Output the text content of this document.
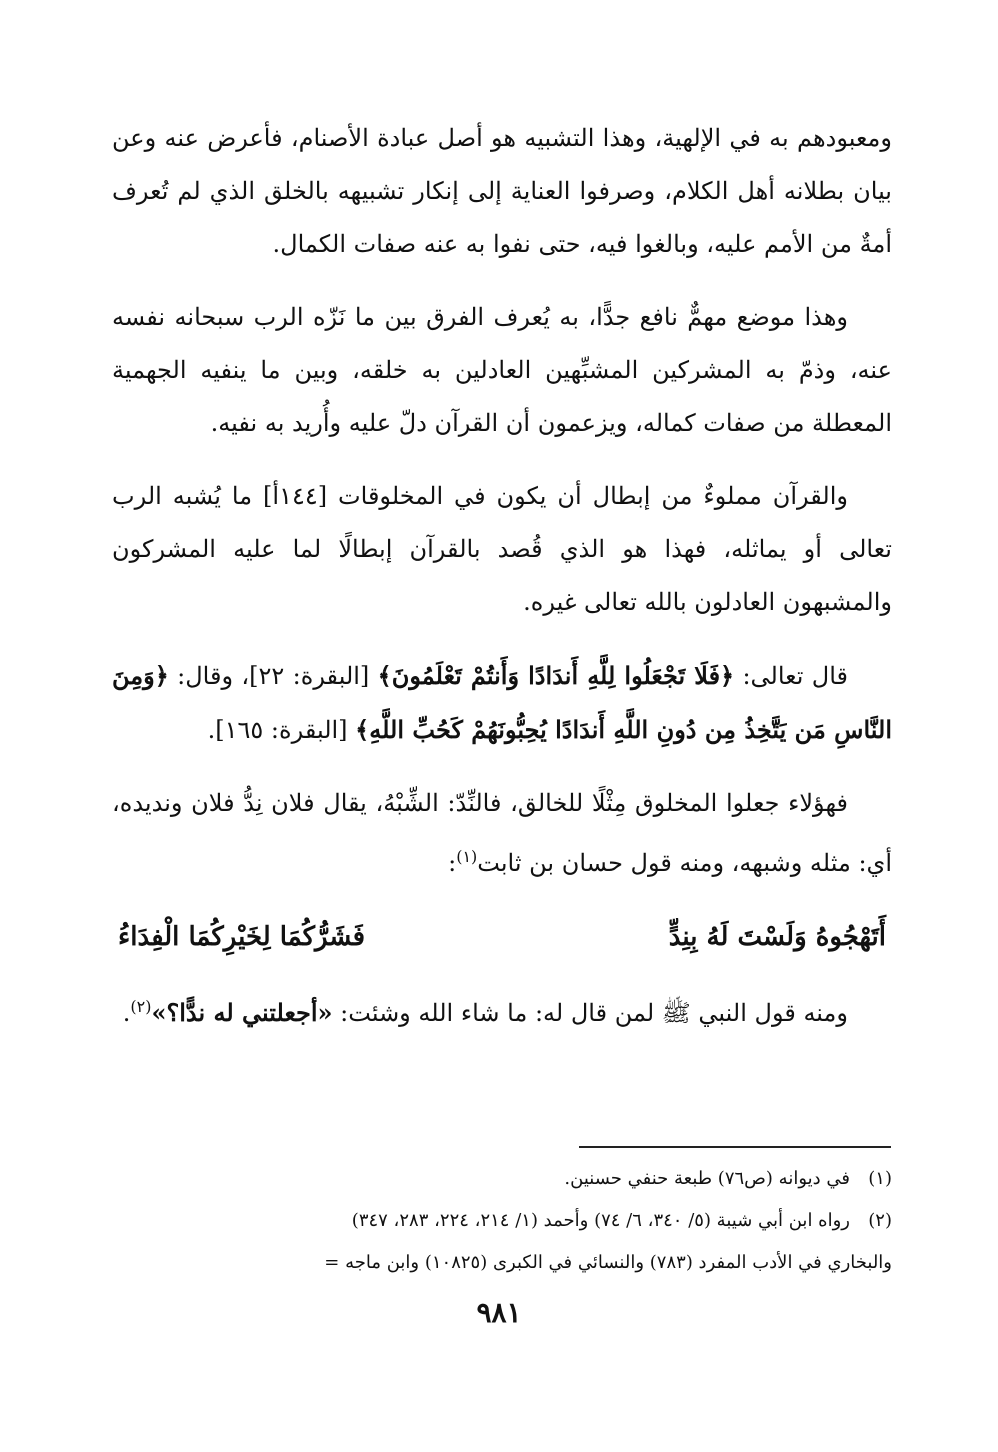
ومعبودهم به في الإلهية، وهذا التشبيه هو أصل عبادة الأصنام، فأعرض عنه وعن بيان بطلانه أهل الكلام، وصرفوا العناية إلى إنكار تشبيهه بالخلق الذي لم تُعرف أمةٌ من الأمم عليه، وبالغوا فيه، حتى نفوا به عنه صفات الكمال.

وهذا موضع مهمٌّ نافع جدًّا، به يُعرف الفرق بين ما نَزّه الرب سبحانه نفسه عنه، وذمّ به المشركين المشبِّهين العادلين به خلقه، وبين ما ينفيه الجهمية المعطلة من صفات كماله، ويزعمون أن القرآن دلّ عليه وأُريد به نفيه.

والقرآن مملوءٌ من إبطال أن يكون في المخلوقات [١٤٤أ] ما يُشبه الرب تعالى أو يماثله، فهذا هو الذي قُصد بالقرآن إبطالًا لما عليه المشركون والمشبهون العادلون بالله تعالى غيره.

قال تعالى: ﴿فَلَا تَجْعَلُوا لِلَّهِ أَندَادًا وَأَنتُمْ تَعْلَمُونَ﴾ [البقرة: ٢٢]، وقال: ﴿وَمِنَ النَّاسِ مَن يَتَّخِذُ مِن دُونِ اللَّهِ أَندَادًا يُحِبُّونَهُمْ كَحُبِّ اللَّهِ﴾ [البقرة: ١٦٥].

فهؤلاء جعلوا المخلوق مِثْلًا للخالق، فالنِّدّ: الشِّبْهُ، يقال فلان نِدُّ فلان ونديده، أي: مثله وشبهه، ومنه قول حسان بن ثابت$^{(١)}$:

أَتَهْجُوهُ وَلَسْتَ لَهُ بِنِدٍّ
فَشَرُّكُمَا لِخَيْرِكُمَا الْفِدَاءُ

ومنه قول النبي ﷺ لمن قال له: ما شاء الله وشئت: «أجعلتني له ندًّا؟»$^{(٢)}$.

(١)في ديوانه (ص٧٦) طبعة حنفي حسنين.

(٢)رواه ابن أبي شيبة (٥/ ٣٤٠، ٦/ ٧٤) وأحمد (١/ ٢١٤، ٢٢٤، ٢٨٣، ٣٤٧)

والبخاري في الأدب المفرد (٧٨٣) والنسائي في الكبرى (١٠٨٢٥) وابن ماجه =

٩٨١
